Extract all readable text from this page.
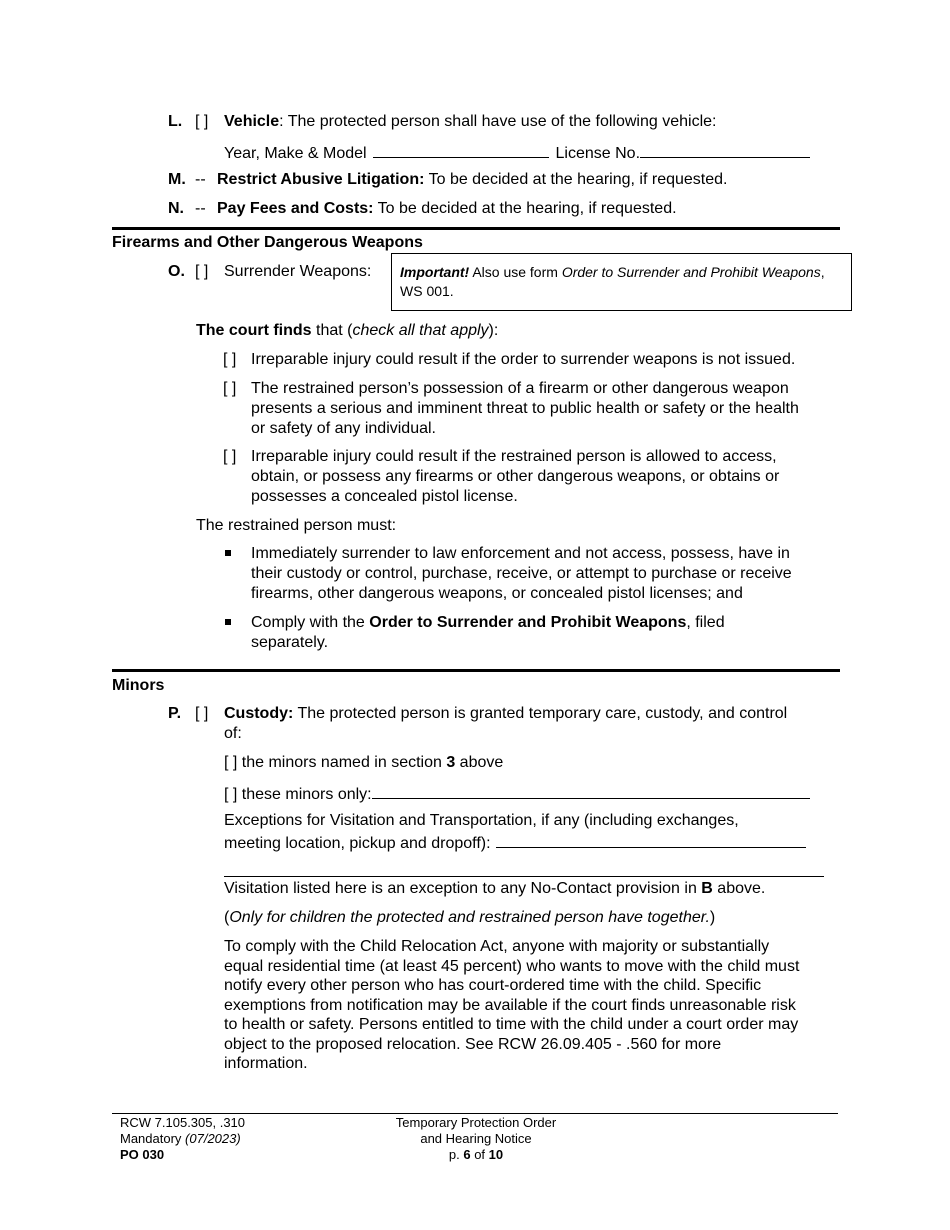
L. [ ] Vehicle: The protected person shall have use of the following vehicle:
Year, Make & Model	License No.
M. -- Restrict Abusive Litigation: To be decided at the hearing, if requested.
N. -- Pay Fees and Costs: To be decided at the hearing, if requested.
Firearms and Other Dangerous Weapons
O. [ ] Surrender Weapons: Important! Also use form Order to Surrender and Prohibit Weapons,
WS 001.
The court finds that (check all that apply):
[ ] Irreparable injury could result if the order to surrender weapons is not issued.
[ ] The restrained person’s possession of a firearm or other dangerous weapon
presents a serious and imminent threat to public health or safety or the health
or safety of any individual.
[ ] Irreparable injury could result if the restrained person is allowed to access,
obtain, or possess any firearms or other dangerous weapons, or obtains or
possesses a concealed pistol license.
The restrained person must:
Immediately surrender to law enforcement and not access, possess, have in
their custody or control, purchase, receive, or attempt to purchase or receive
firearms, other dangerous weapons, or concealed pistol licenses; and
Comply with the Order to Surrender and Prohibit Weapons, filed
separately.
Minors
P. [ ] Custody: The protected person is granted temporary care, custody, and control
of:
[ ] the minors named in section 3 above
[ ] these minors only:
Exceptions for Visitation and Transportation, if any (including exchanges,
meeting location, pickup and dropoff):
Visitation listed here is an exception to any No-Contact provision in B above.
(Only for children the protected and restrained person have together.)
To comply with the Child Relocation Act, anyone with majority or substantially
equal residential time (at least 45 percent) who wants to move with the child must
notify every other person who has court-ordered time with the child. Specific
exemptions from notification may be available if the court finds unreasonable risk
to health or safety. Persons entitled to time with the child under a court order may
object to the proposed relocation. See RCW 26.09.405 - .560 for more
information.
RCW 7.105.305, .310
Mandatory (07/2023)
PO 030
Temporary Protection Order
and Hearing Notice
p. 6 of 10
